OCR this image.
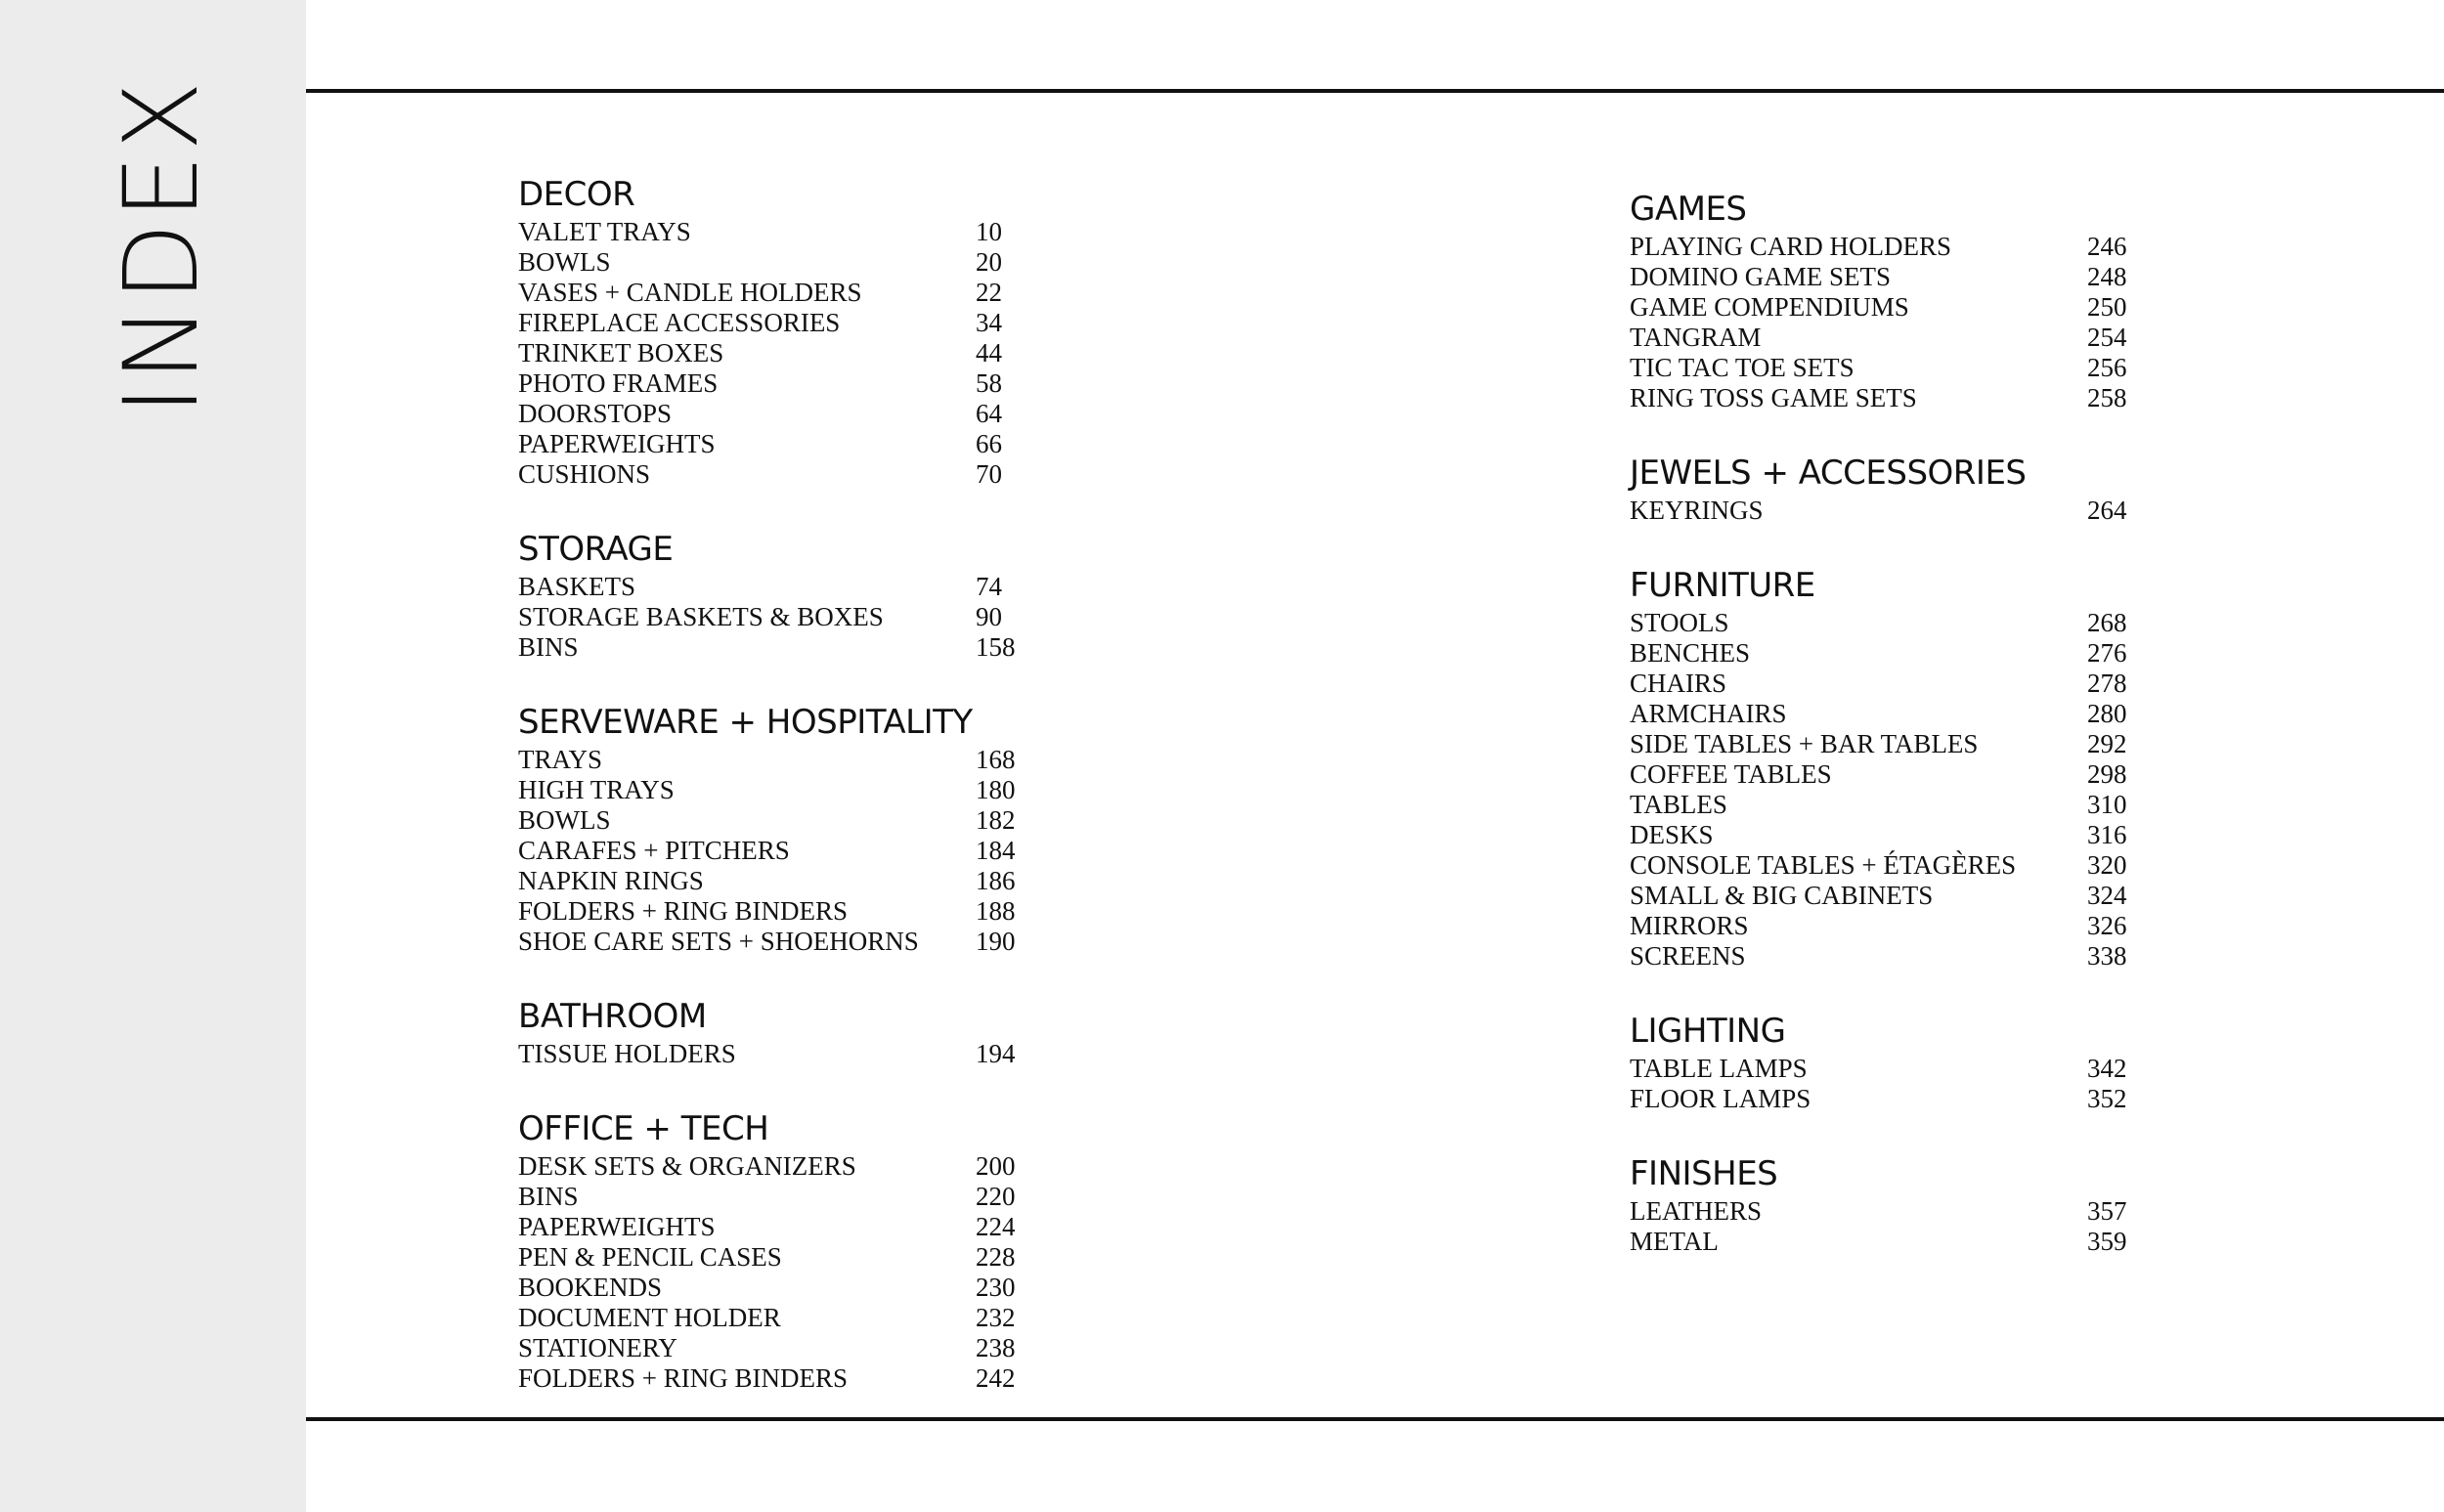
INDEX	DECOR
VALET TRAYS	10
BOWLS	20
VASES + CANDLE HOLDERS	22
FIREPLACE ACCESSORIES	34
TRINKET BOXES	44
PHOTO FRAMES	58
DOORSTOPS	64
PAPERWEIGHTS	66
CUSHIONS	70
STORAGE
BASKETS	74
STORAGE BASKETS & BOXES	90
BINS	158
SERVEWARE + HOSPITALITY
TRAYS	168
HIGH TRAYS	180
BOWLS	182
CARAFES + PITCHERS	184
NAPKIN RINGS	186
FOLDERS + RING BINDERS	188
SHOE CARE SETS + SHOEHORNS 190
BATHROOM
TISSUE HOLDERS	194
OFFICE + TECH
DESK SETS & ORGANIZERS	200
BINS	220
PAPERWEIGHTS	224
PEN & PENCIL CASES	228
BOOKENDS	230
DOCUMENT HOLDER	232
STATIONERY	238
FOLDERS + RING BINDERS	242
GAMES
PLAYING CARD HOLDERS	246
DOMINO GAME SETS	248
GAME COMPENDIUMS	250
TANGRAM	254
TIC TAC TOE SETS	256
RING TOSS GAME SETS	258
JEWELS + ACCESSORIES
KEYRINGS	264
FURNITURE
STOOLS	268
BENCHES	276
CHAIRS	278
ARMCHAIRS	280
SIDE TABLES + BAR TABLES	292
COFFEE TABLES	298
TABLES	310
DESKS	316
CONSOLE TABLES + ÉTAGÈRES	320
SMALL & BIG CABINETS	324
MIRRORS	326
SCREENS	338
LIGHTING
TABLE LAMPS	342
FLOOR LAMPS	352
FINISHES
LEATHERS	357
METAL	359
